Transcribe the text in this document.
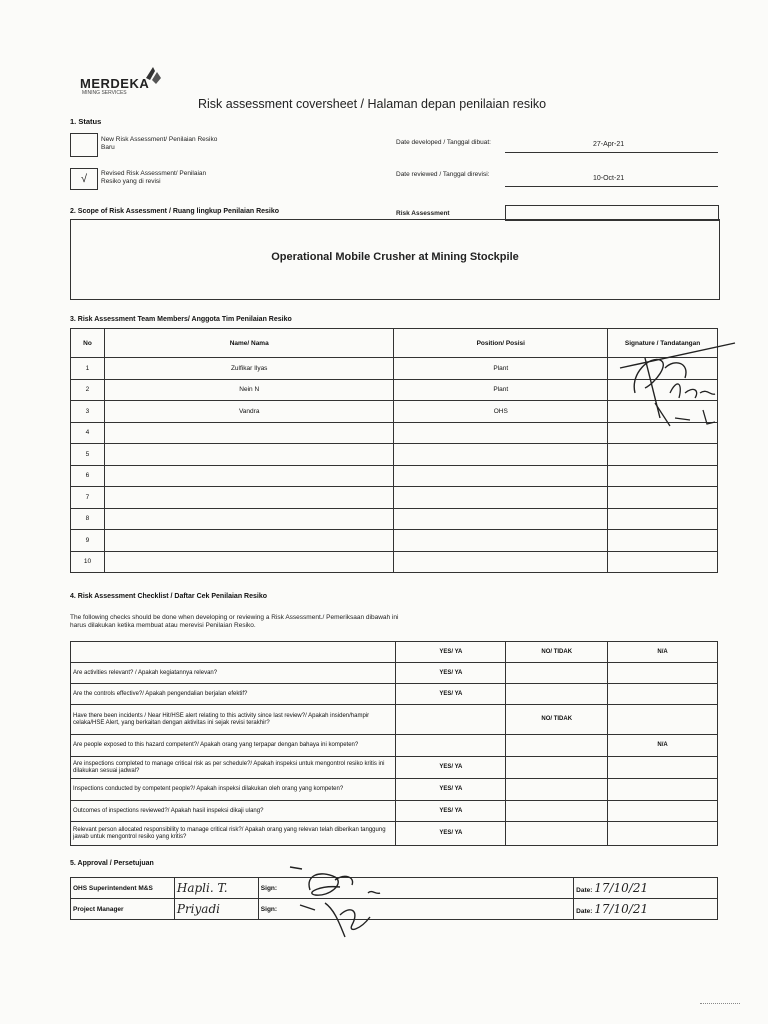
MERDEKA
MINING SERVICES
Risk assessment coversheet / Halaman depan penilaian resiko
1. Status
New Risk Assessment/ Penilaian Resiko Baru
√	Revised Risk Assessment/ Penilaian Resiko yang di revisi
Date developed / Tanggal dibuat:	27-Apr-21
Date reviewed / Tanggal direvisi:
10-Oct-21
2. Scope of Risk Assessment / Ruang lingkup Penilaian Resiko	Risk Assessment
Operational Mobile Crusher at Mining Stockpile
3. Risk Assessment Team Members/ Anggota Tim Penilaian Resiko
No	Name/ Nama	Position/ Posisi	Signature / Tandatangan
1	Zulfikar Ilyas	Plant	
2	Nein N	Plant	
3	Vandra	OHS	
4			
5			
6			
7			
8			
9			
10			
4. Risk Assessment Checklist / Daftar Cek Penilaian Resiko
The following checks should be done when developing or reviewing a Risk Assessment./ Pemeriksaan dibawah ini harus dilakukan ketika membuat atau merevisi Penilaian Resiko.
	YES/ YA	NO/ TIDAK	N/A
Are activities relevant? / Apakah kegiatannya relevan?	YES/ YA		
Are the controls effective?/ Apakah pengendalian berjalan efektif?	YES/ YA		
Have there been incidents / Near Hit/HSE alert relating to this activity since last review?/ Apakah insiden/hampir celaka/HSE Alert, yang berkaitan dengan aktivitas ini sejak revisi terakhir?		NO/ TIDAK	
Are people exposed to this hazard competent?/ Apakah orang yang terpapar dengan bahaya ini kompeten?			N/A
Are inspections completed to manage critical risk as per schedule?/ Apakah inspeksi untuk mengontrol resiko kritis ini dilakukan sesuai jadwal?	YES/ YA		
Inspections conducted by competent people?/ Apakah inspeksi dilakukan oleh orang yang kompeten?	YES/ YA		
Outcomes of inspections reviewed?/ Apakah hasil inspeksi dikaji ulang?	YES/ YA		
Relevant person allocated responsibility to manage critical risk?/ Apakah orang yang relevan telah diberikan tanggung jawab untuk mengontrol resiko yang kritis?	YES/ YA		
5. Approval / Persetujuan
OHS Superintendent M&S	Hapli. T.	Sign:	Date: 17/10/21
Project Manager	Priyadi	Sign:	Date: 17/10/21
